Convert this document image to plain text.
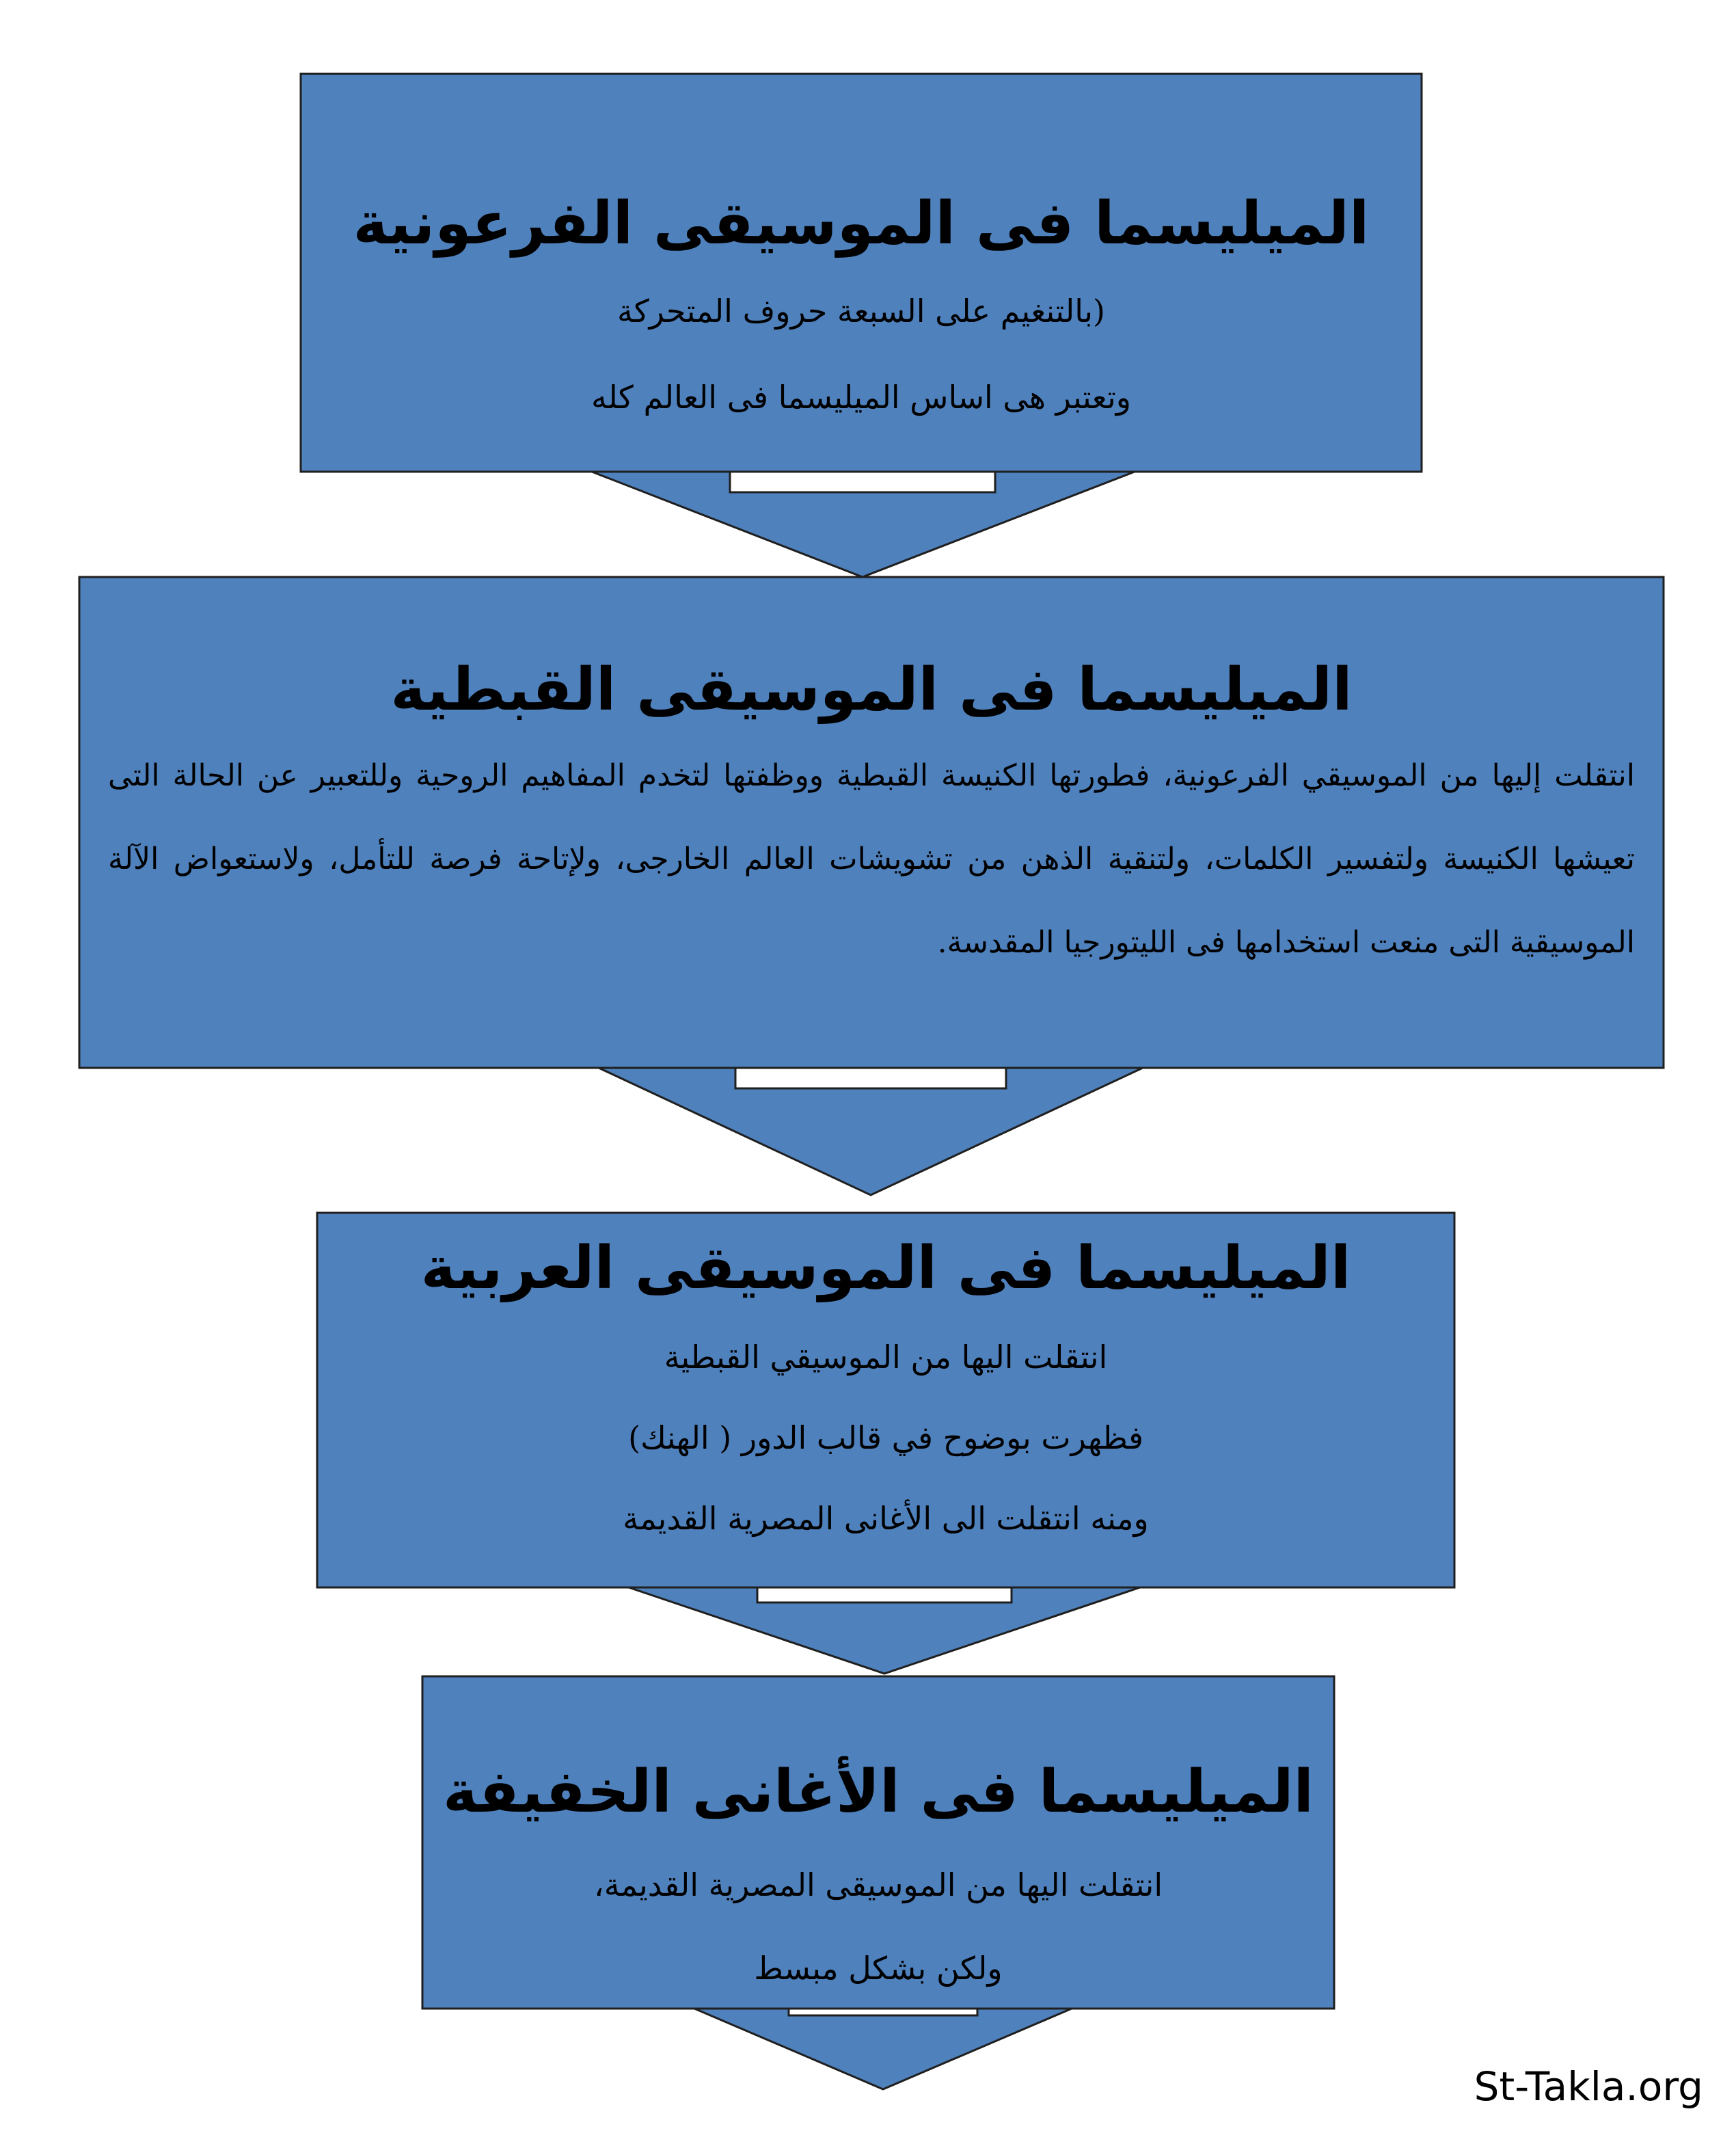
الميليسما فى الموسيقى الفرعونية

(بالتنغيم على السبعة حروف المتحركة

وتعتبر هى اساس الميليسما فى العالم كله

الميليسما فى الموسيقى القبطية

انتقلت إليها من الموسيقي الفرعونية، فطورتها الكنيسة القبطية ووظفتها لتخدم المفاهيم الروحية وللتعبير عن الحالة التى تعيشها الكنيسة ولتفسير الكلمات، ولتنقية الذهن من تشويشات العالم الخارجى، ولإتاحة فرصة للتأمل، ولاستعواض الآلة الموسيقية التى منعت استخدامها فى الليتورجيا المقدسة.

الميليسما فى الموسيقى العربية

انتقلت اليها من الموسيقي القبطية

فظهرت بوضوح في قالب الدور ( الهنك)

ومنه انتقلت الى الأغانى المصرية القديمة

الميليسما فى الأغانى الخفيفة

انتقلت اليها من الموسيقى المصرية القديمة،

ولكن بشكل مبسط

St-Takla.org
